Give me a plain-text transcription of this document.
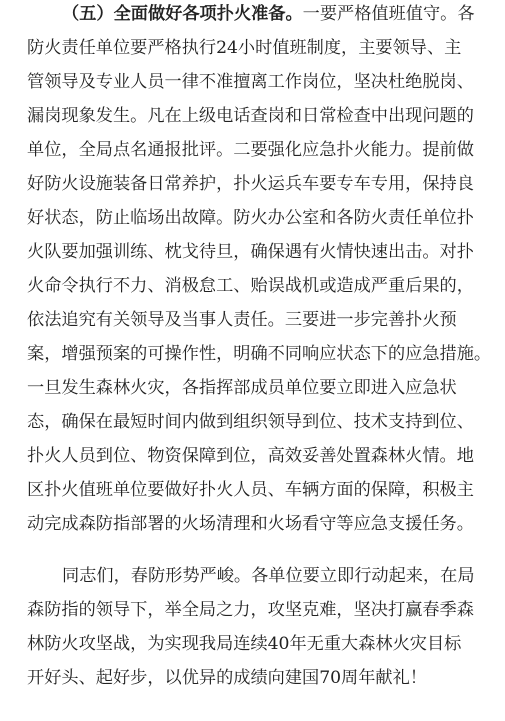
（五）全面做好各项扑火准备。一要严格值班值守。各
防火责任单位要严格执行24小时值班制度，主要领导、主
管领导及专业人员一律不准擅离工作岗位，坚决杜绝脱岗、
漏岗现象发生。凡在上级电话查岗和日常检查中出现问题的
单位，全局点名通报批评。二要强化应急扑火能力。提前做
好防火设施装备日常养护，扑火运兵车要专车专用，保持良
好状态，防止临场出故障。防火办公室和各防火责任单位扑
火队要加强训练、枕戈待旦，确保遇有火情快速出击。对扑
火命令执行不力、消极怠工、贻误战机或造成严重后果的，
依法追究有关领导及当事人责任。三要进一步完善扑火预
案，增强预案的可操作性，明确不同响应状态下的应急措施。
一旦发生森林火灾，各指挥部成员单位要立即进入应急状
态，确保在最短时间内做到组织领导到位、技术支持到位、
扑火人员到位、物资保障到位，高效妥善处置森林火情。地
区扑火值班单位要做好扑火人员、车辆方面的保障，积极主
动完成森防指部署的火场清理和火场看守等应急支援任务。
同志们，春防形势严峻。各单位要立即行动起来，在局
森防指的领导下，举全局之力，攻坚克难，坚决打赢春季森
林防火攻坚战，为实现我局连续40年无重大森林火灾目标
开好头、起好步，以优异的成绩向建国70周年献礼！
